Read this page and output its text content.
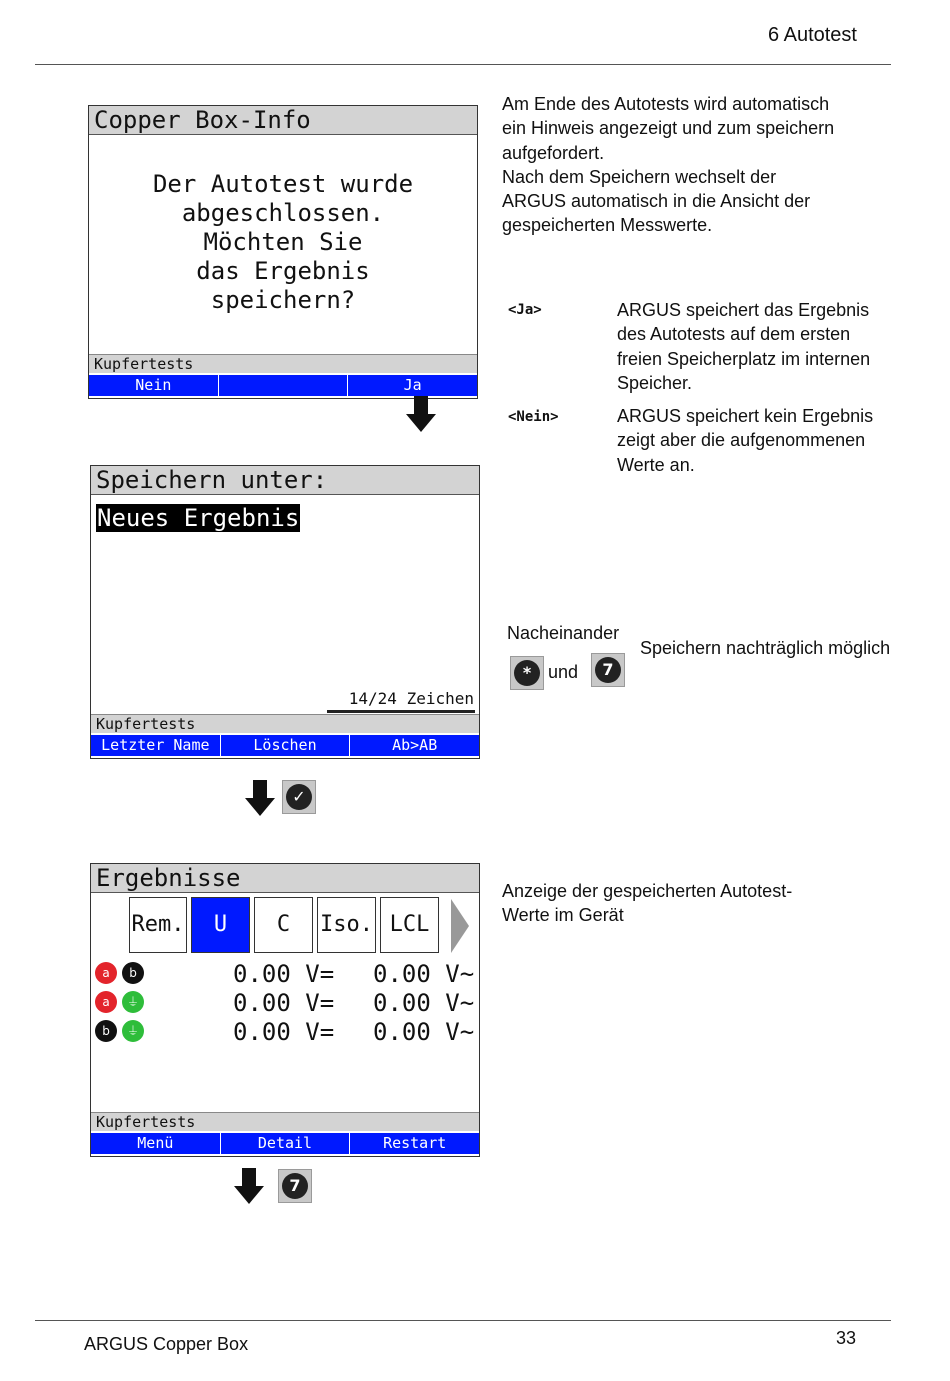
6 Autotest
Copper Box-Info
Der Autotest wurde
abgeschlossen.
Möchten Sie
das Ergebnis
speichern?
Kupfertests
Nein	Ja
Speichern unter:
Neues Ergebnis
14/24 Zeichen
Kupfertests
Letzter Name	Löschen	Ab>AB
✓
Ergebnisse
Rem.	U	C	Iso. LCL
a	b	0.00 V= 0.00 V~
a	⏚	0.00 V= 0.00 V~
b	⏚	0.00 V= 0.00 V~
Kupfertests
Menü	Detail	Restart
7
Am Ende des Autotests wird automatisch
ein Hinweis angezeigt und zum speichern
aufgefordert.
Nach dem Speichern wechselt der
ARGUS automatisch in die Ansicht der
gespeicherten Messwerte.
<Ja>	ARGUS speichert das Ergebnis
des Autotests auf dem ersten
freien Speicherplatz im internen
Speicher.
<Nein>	ARGUS speichert kein Ergebnis
zeigt aber die aufgenommenen
Werte an.
Nacheinander
* und	7
Speichern nachträglich möglich
Anzeige der gespeicherten Autotest-
Werte im Gerät
ARGUS Copper Box	33
